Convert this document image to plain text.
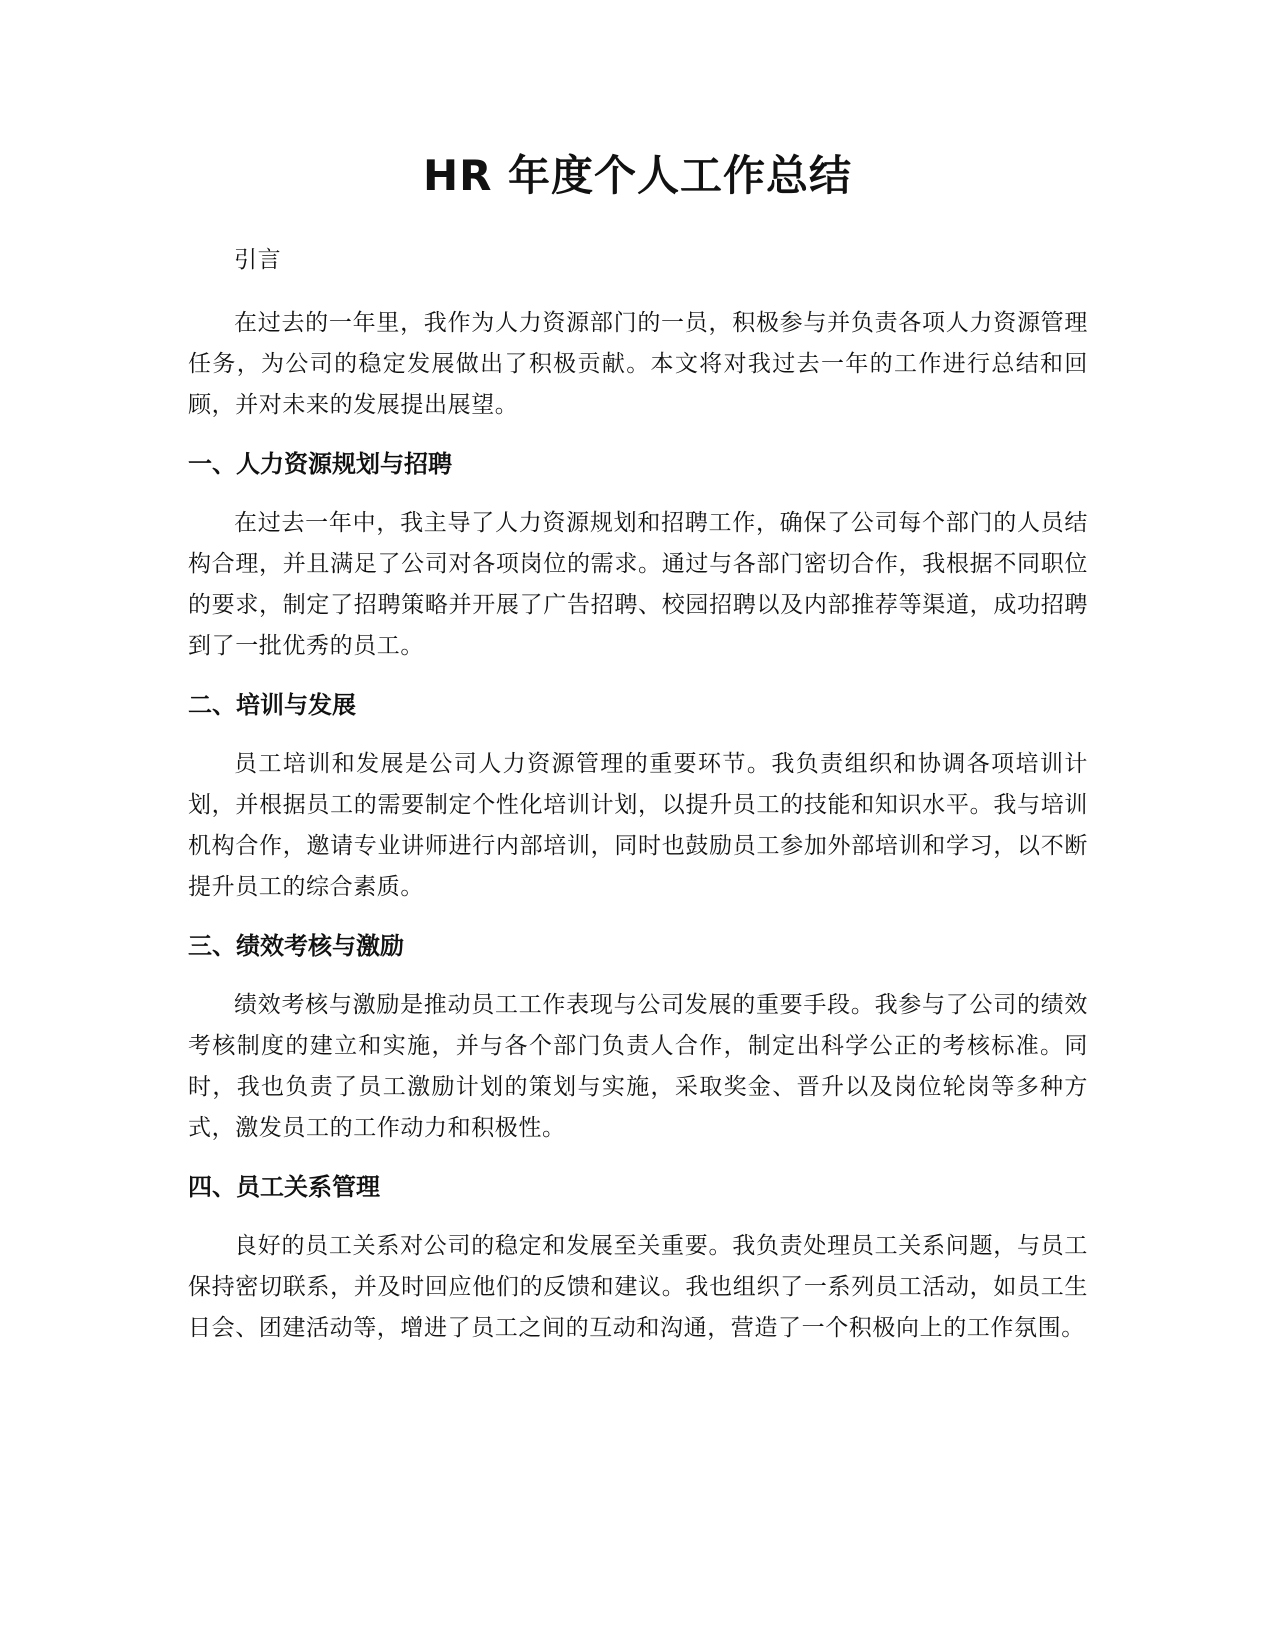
HR 年度个人工作总结

引言

在过去的一年里，我作为人力资源部门的一员，积极参与并负责各项人力资源管理任务，为公司的稳定发展做出了积极贡献。本文将对我过去一年的工作进行总结和回顾，并对未来的发展提出展望。

一、人力资源规划与招聘

在过去一年中，我主导了人力资源规划和招聘工作，确保了公司每个部门的人员结构合理，并且满足了公司对各项岗位的需求。通过与各部门密切合作，我根据不同职位的要求，制定了招聘策略并开展了广告招聘、校园招聘以及内部推荐等渠道，成功招聘到了一批优秀的员工。

二、培训与发展

员工培训和发展是公司人力资源管理的重要环节。我负责组织和协调各项培训计划，并根据员工的需要制定个性化培训计划，以提升员工的技能和知识水平。我与培训机构合作，邀请专业讲师进行内部培训，同时也鼓励员工参加外部培训和学习，以不断提升员工的综合素质。

三、绩效考核与激励

绩效考核与激励是推动员工工作表现与公司发展的重要手段。我参与了公司的绩效考核制度的建立和实施，并与各个部门负责人合作，制定出科学公正的考核标准。同时，我也负责了员工激励计划的策划与实施，采取奖金、晋升以及岗位轮岗等多种方式，激发员工的工作动力和积极性。

四、员工关系管理

良好的员工关系对公司的稳定和发展至关重要。我负责处理员工关系问题，与员工保持密切联系，并及时回应他们的反馈和建议。我也组织了一系列员工活动，如员工生日会、团建活动等，增进了员工之间的互动和沟通，营造了一个积极向上的工作氛围。
